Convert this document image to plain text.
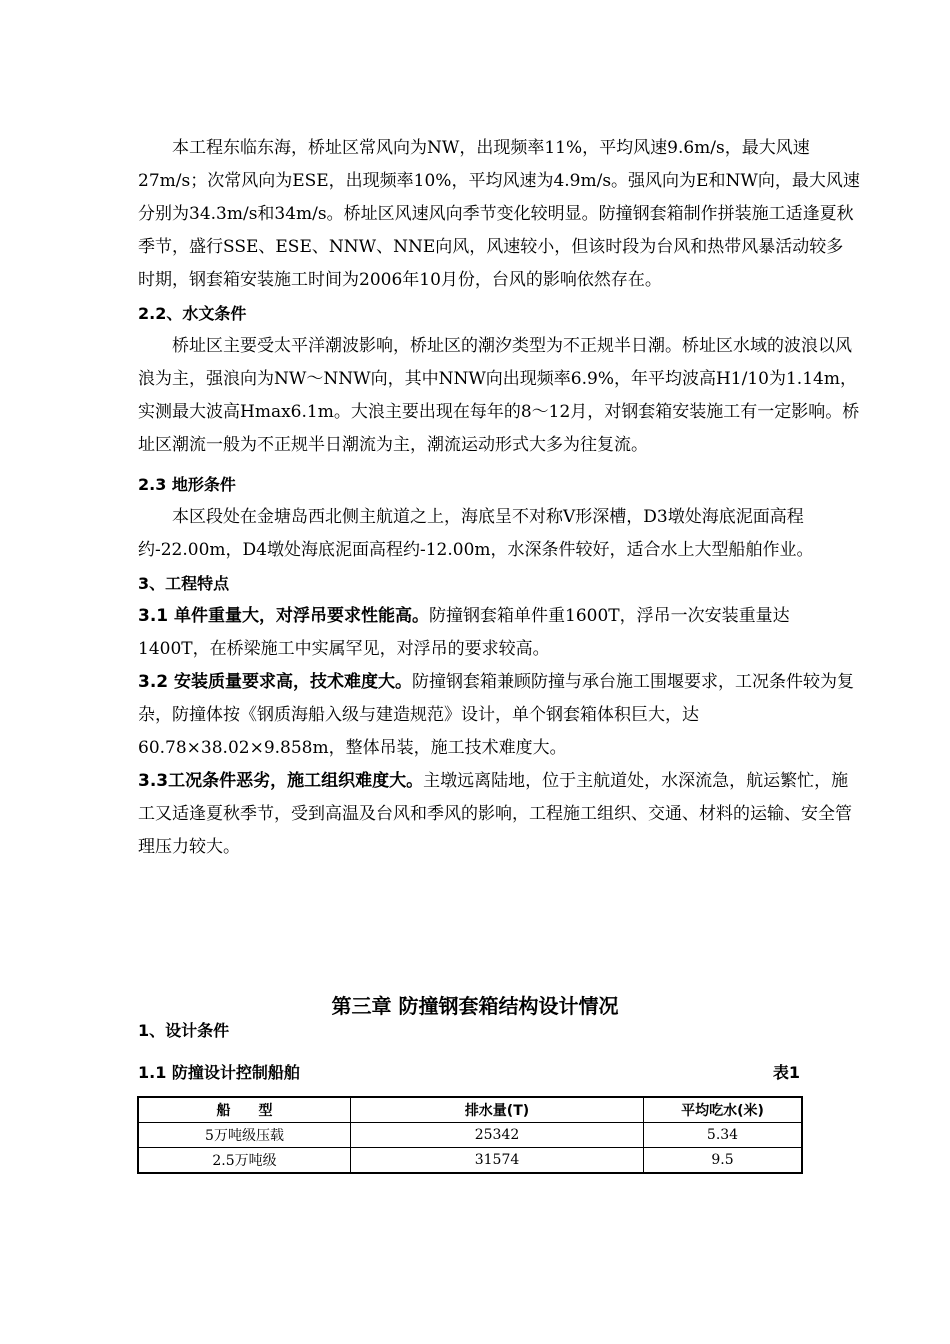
本工程东临东海，桥址区常风向为NW，出现频率11%，平均风速9.6m/s，最大风速27m/s；次常风向为ESE，出现频率10%，平均风速为4.9m/s。强风向为E和NW向，最大风速分别为34.3m/s和34m/s。桥址区风速风向季节变化较明显。防撞钢套箱制作拼装施工适逢夏秋季节，盛行SSE、ESE、NNW、NNE向风，风速较小，但该时段为台风和热带风暴活动较多时期，钢套箱安装施工时间为2006年10月份，台风的影响依然存在。

2.2、水文条件

桥址区主要受太平洋潮波影响，桥址区的潮汐类型为不正规半日潮。桥址区水域的波浪以风浪为主，强浪向为NW～NNW向，其中NNW向出现频率6.9%，年平均波高H1/10为1.14m，实测最大波高Hmax6.1m。大浪主要出现在每年的8～12月，对钢套箱安装施工有一定影响。桥址区潮流一般为不正规半日潮流为主，潮流运动形式大多为往复流。

2.3 地形条件

本区段处在金塘岛西北侧主航道之上，海底呈不对称V形深槽，D3墩处海底泥面高程约-22.00m，D4墩处海底泥面高程约-12.00m，水深条件较好，适合水上大型船舶作业。

3、工程特点

3.1 单件重量大，对浮吊要求性能高。防撞钢套箱单件重1600T，浮吊一次安装重量达1400T，在桥梁施工中实属罕见，对浮吊的要求较高。

3.2 安装质量要求高，技术难度大。防撞钢套箱兼顾防撞与承台施工围堰要求，工况条件较为复杂，防撞体按《钢质海船入级与建造规范》设计，单个钢套箱体积巨大，达60.78×38.02×9.858m，整体吊装，施工技术难度大。

3.3工况条件恶劣，施工组织难度大。主墩远离陆地，位于主航道处，水深流急，航运繁忙，施工又适逢夏秋季节，受到高温及台风和季风的影响，工程施工组织、交通、材料的运输、安全管理压力较大。

第三章 防撞钢套箱结构设计情况
1、设计条件
1.1 防撞设计控制船舶	表1
船　　型	排水量(T)	平均吃水(米)
5万吨级压载	25342	5.34
2.5万吨级	31574	9.5
